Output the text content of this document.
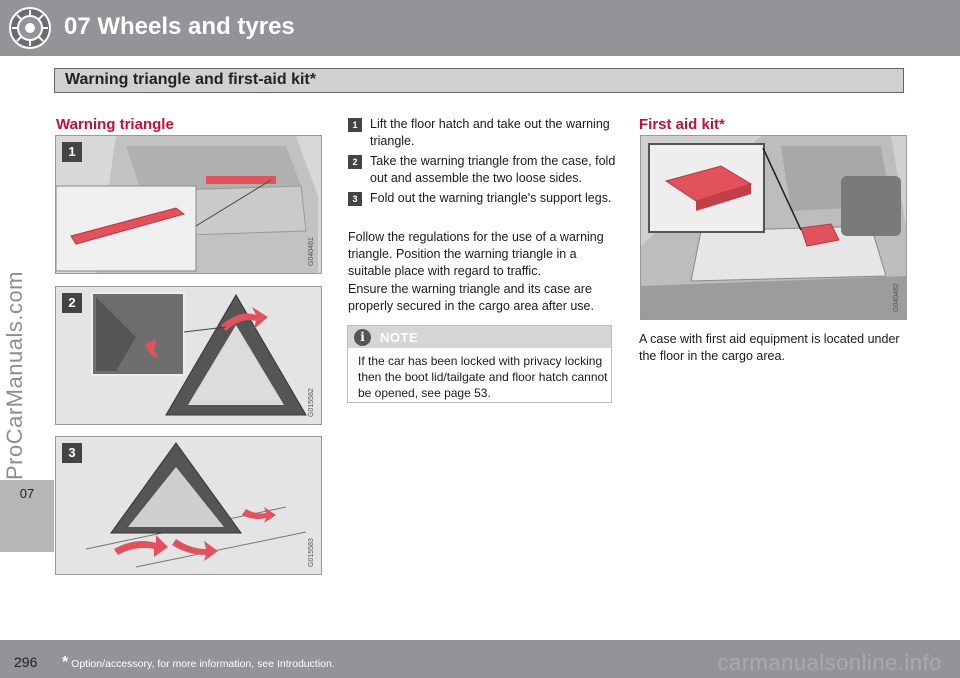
07 Wheels and tyres
Warning triangle and first-aid kit*
07
ProCarManuals.com
Warning triangle
1
G040481
2
G015582
3
G015583
1	Lift the floor hatch and take out the warning triangle.
2	Take the warning triangle from the case, fold out and assemble the two loose sides.
3	Fold out the warning triangle's support legs.
Follow the regulations for the use of a warning triangle. Position the warning triangle in a suitable place with regard to traffic.
Ensure the warning triangle and its case are properly secured in the cargo area after use.
i	NOTE
If the car has been locked with privacy locking then the boot lid/tailgate and floor hatch cannot be opened, see page 53.
First aid kit*
G040482
A case with first aid equipment is located under the floor in the cargo area.
296 * Option/accessory, for more information, see Introduction.	carmanualsonline.info
